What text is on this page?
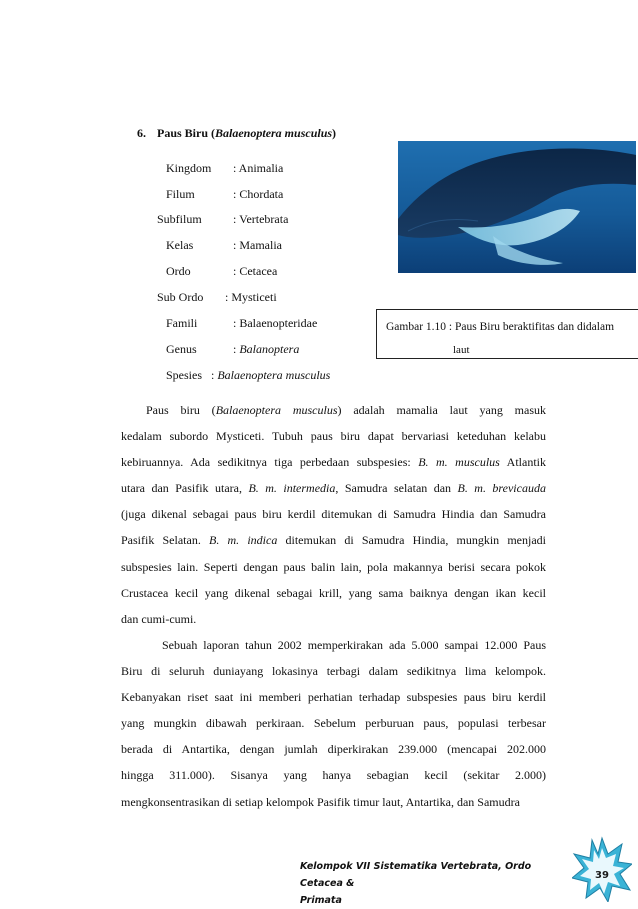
6. Paus Biru (Balaenoptera musculus)
Kingdom : Animalia
Filum	: Chordata
Subfilum	: Vertebrata
Kelas	: Mamalia
Ordo	: Cetacea
Sub Ordo : Mysticeti
Famili	: Balaenopteridae
Genus	: Balanoptera
Spesies : Balaenoptera musculus
Gambar 1.10 : Paus Biru beraktifitas dan didalam
laut
Paus biru (Balaenoptera musculus) adalah mamalia laut yang masuk
kedalam subordo Mysticeti. Tubuh paus biru dapat bervariasi keteduhan kelabu
kebiruannya. Ada sedikitnya tiga perbedaan subspesies: B. m. musculus Atlantik
utara dan Pasifik utara, B. m. intermedia, Samudra selatan dan B. m. brevicauda
(juga dikenal sebagai paus biru kerdil ditemukan di Samudra Hindia dan Samudra
Pasifik Selatan. B. m. indica ditemukan di Samudra Hindia, mungkin menjadi
subspesies lain. Seperti dengan paus balin lain, pola makannya berisi secara pokok
Crustacea kecil yang dikenal sebagai krill, yang sama baiknya dengan ikan kecil
dan cumi-cumi.
Sebuah laporan tahun 2002 memperkirakan ada 5.000 sampai 12.000 Paus
Biru di seluruh duniayang lokasinya terbagi dalam sedikitnya lima kelompok.
Kebanyakan riset saat ini memberi perhatian terhadap subspesies paus biru kerdil
yang mungkin dibawah perkiraan. Sebelum perburuan paus, populasi terbesar
berada di Antartika, dengan jumlah diperkirakan 239.000 (mencapai 202.000
hingga 311.000). Sisanya yang hanya sebagian kecil (sekitar 2.000)
mengkonsentrasikan di setiap kelompok Pasifik timur laut, Antartika, dan Samudra
Kelompok VII Sistematika Vertebrata, Ordo Cetacea &
Primata
39
